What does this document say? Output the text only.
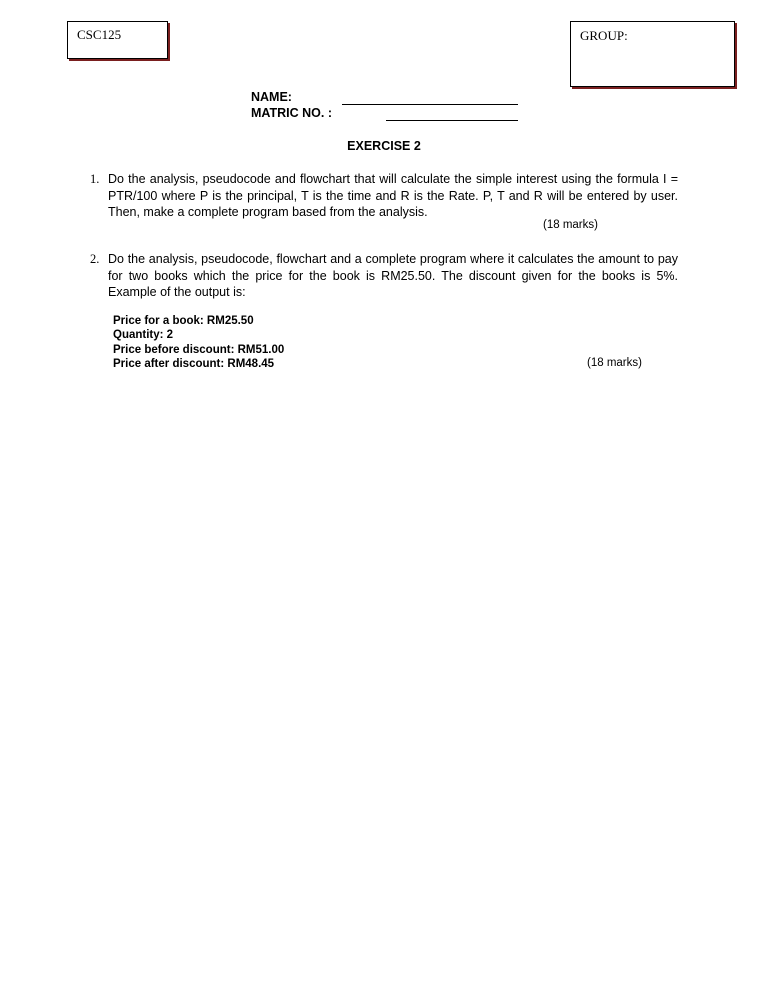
CSC125	GROUP:
NAME:
MATRIC NO. :
EXERCISE 2
1. Do the analysis, pseudocode and flowchart that will calculate the simple interest using the formula I = PTR/100 where P is the principal, T is the time and R is the Rate. P, T and R will be entered by user. Then, make a complete program based from the analysis.
(18 marks)
2. Do the analysis, pseudocode, flowchart and a complete program where it calculates the amount to pay for two books which the price for the book is RM25.50. The discount given for the books is 5%. Example of the output is:
Price for a book: RM25.50
Quantity: 2
Price before discount: RM51.00
Price after discount: RM48.45	(18 marks)
